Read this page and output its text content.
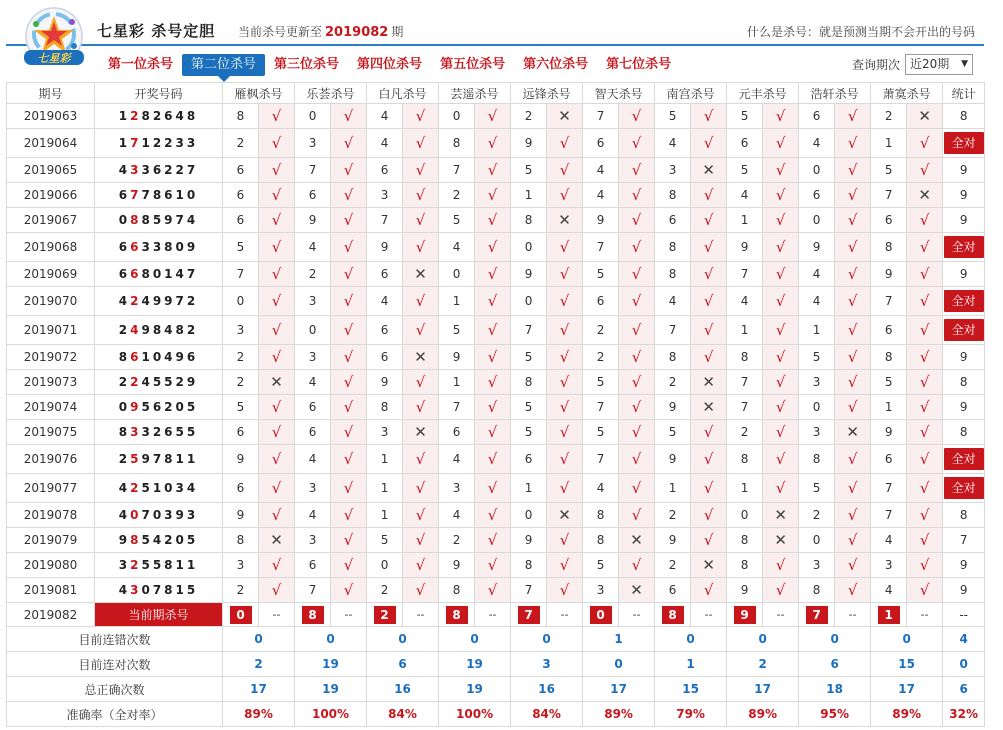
七星彩
七星彩 杀号定胆 当前杀号更新至 2019082 期	什么是杀号：就是预测当期不会开出的号码
第一位杀号	第二位杀号	第三位杀号	第四位杀号	第五位杀号	第六位杀号	第七位杀号	查询期次 近20期 ▼
期号	开奖号码	雁枫杀号		乐荟杀号		白凡杀号		芸遥杀号		远锋杀号		智天杀号		南宫杀号		元丰杀号		浩轩杀号		萧寞杀号		统计
2019063	1282648	8	√	0	√	4	√	0	√	2	✕	7	√	5	√	5	√	6	√	2	✕	8
2019064	1712233	2	√	3	√	4	√	8	√	9	√	6	√	4	√	6	√	4	√	1	√	全对
2019065	4336227	6	√	7	√	6	√	7	√	5	√	4	√	3	✕	5	√	0	√	5	√	9
2019066	6778610	6	√	6	√	3	√	2	√	1	√	4	√	8	√	4	√	6	√	7	✕	9
2019067	0885974	6	√	9	√	7	√	5	√	8	✕	9	√	6	√	1	√	0	√	6	√	9
2019068	6633809	5	√	4	√	9	√	4	√	0	√	7	√	8	√	9	√	9	√	8	√	全对
2019069	6680147	7	√	2	√	6	✕	0	√	9	√	5	√	8	√	7	√	4	√	9	√	9
2019070	4249972	0	√	3	√	4	√	1	√	0	√	6	√	4	√	4	√	4	√	7	√	全对
2019071	2498482	3	√	0	√	6	√	5	√	7	√	2	√	7	√	1	√	1	√	6	√	全对
2019072	8610496	2	√	3	√	6	✕	9	√	5	√	2	√	8	√	8	√	5	√	8	√	9
2019073	2245529	2	✕	4	√	9	√	1	√	8	√	5	√	2	✕	7	√	3	√	5	√	8
2019074	0956205	5	√	6	√	8	√	7	√	5	√	7	√	9	✕	7	√	0	√	1	√	9
2019075	8332655	6	√	6	√	3	✕	6	√	5	√	5	√	5	√	2	√	3	✕	9	√	8
2019076	2597811	9	√	4	√	1	√	4	√	6	√	7	√	9	√	8	√	8	√	6	√	全对
2019077	4251034	6	√	3	√	1	√	3	√	1	√	4	√	1	√	1	√	5	√	7	√	全对
2019078	4070393	9	√	4	√	1	√	4	√	0	✕	8	√	2	√	0	✕	2	√	7	√	8
2019079	9854205	8	✕	3	√	5	√	2	√	9	√	8	✕	9	√	8	✕	0	√	4	√	7
2019080	3255811	3	√	6	√	0	√	9	√	8	√	5	√	2	✕	8	√	3	√	3	√	9
2019081	4307815	2	√	7	√	2	√	8	√	7	√	3	✕	6	√	9	√	8	√	4	√	9
2019082	当前期杀号	0	--	8	--	2	--	8	--	7	--	0	--	8	--	9	--	7	--	1	--	--
目前连错次数		0		0		0		0		0		1		0		0		0		0		4
目前连对次数		2		19		6		19		3		0		1		2		6		15		0
总正确次数		17		19		16		19		16		17		15		17		18		17		6
准确率（全对率）		89%		100%		84%		100%		84%		89%		79%		89%		95%		89%		32%
